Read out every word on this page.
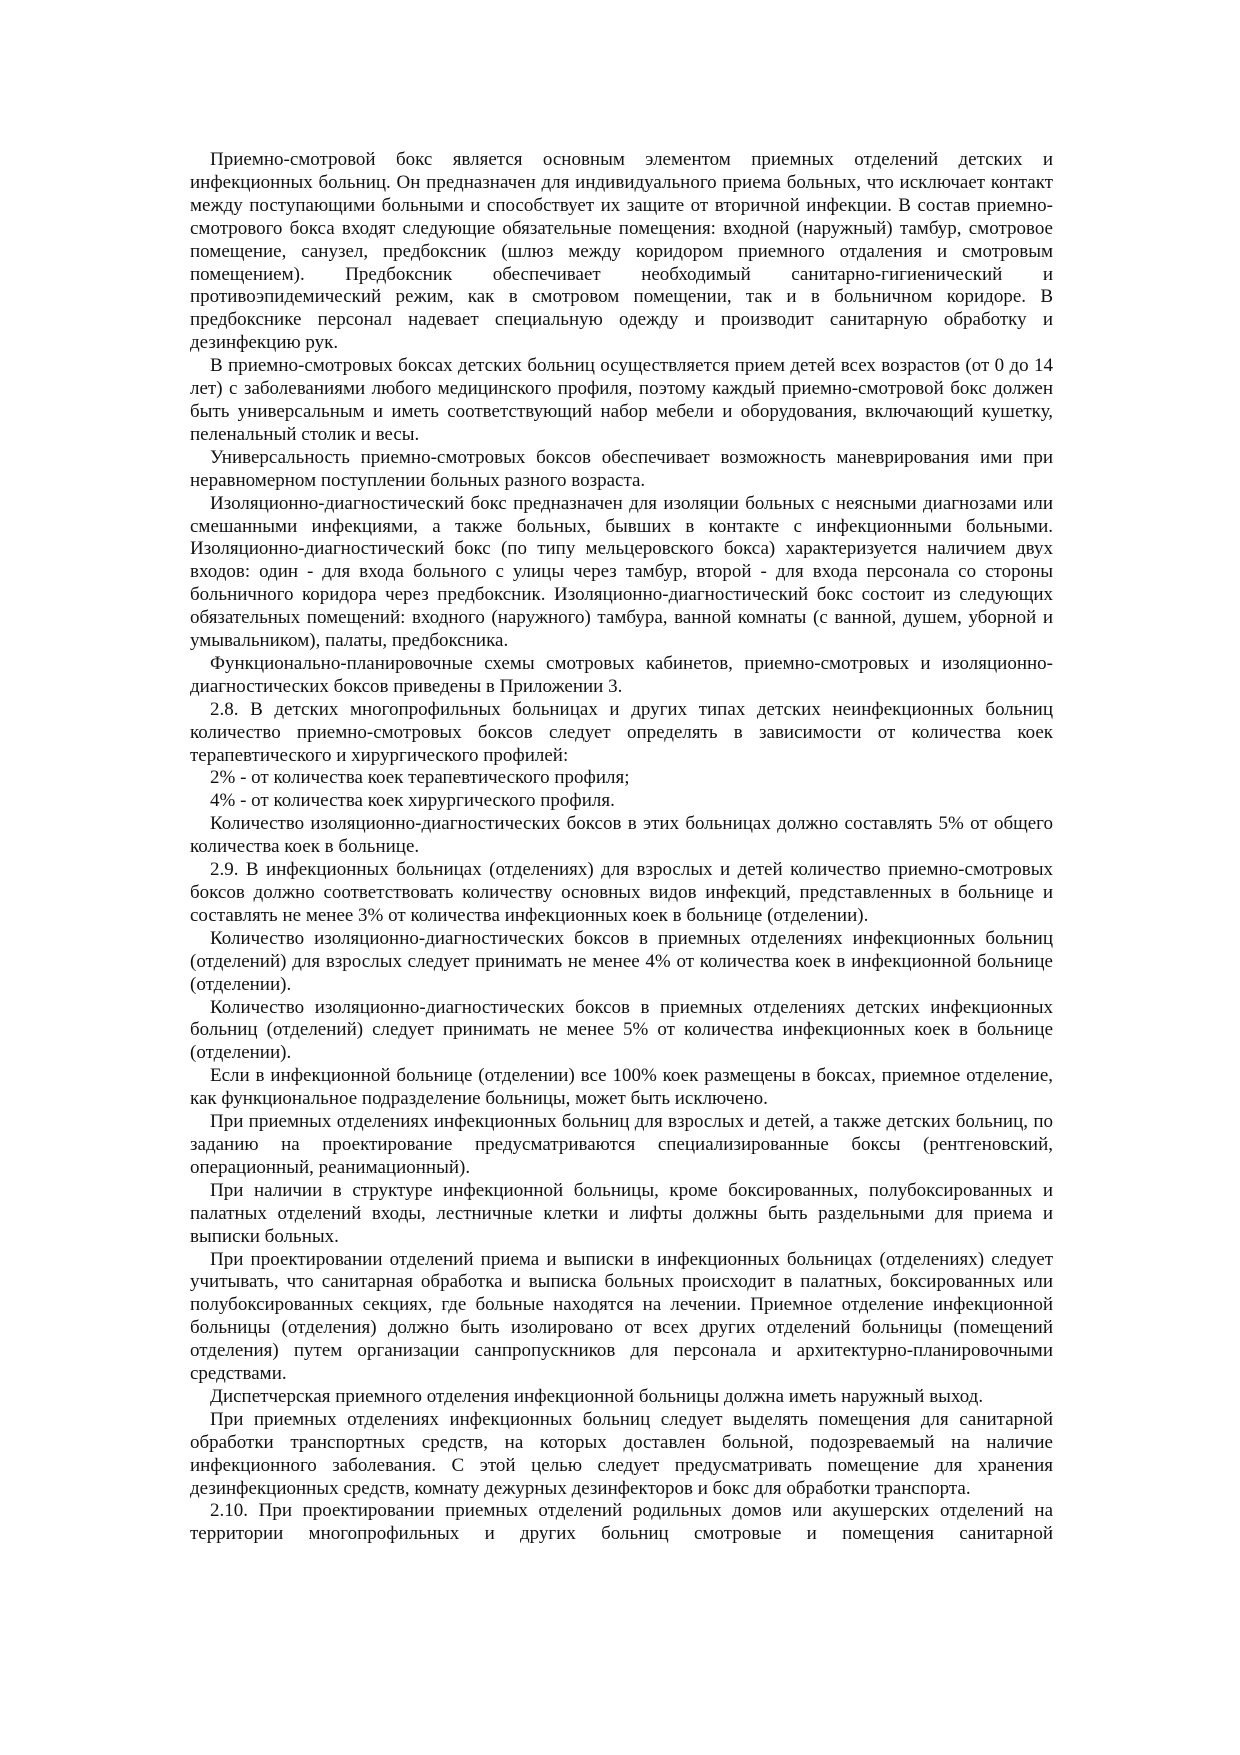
Приемно-смотровой бокс является основным элементом приемных отделений детских и инфекционных больниц. Он предназначен для индивидуального приема больных, что исключает контакт между поступающими больными и способствует их защите от вторичной инфекции. В состав приемно-смотрового бокса входят следующие обязательные помещения: входной (наружный) тамбур, смотровое помещение, санузел, предбоксник (шлюз между коридором приемного отдаления и смотровым помещением). Предбоксник обеспечивает необходимый санитарно-гигиенический и противоэпидемический режим, как в смотровом помещении, так и в больничном коридоре. В предбокснике персонал надевает специальную одежду и производит санитарную обработку и дезинфекцию рук.

В приемно-смотровых боксах детских больниц осуществляется прием детей всех возрастов (от 0 до 14 лет) с заболеваниями любого медицинского профиля, поэтому каждый приемно-смотровой бокс должен быть универсальным и иметь соответствующий набор мебели и оборудования, включающий кушетку, пеленальный столик и весы.

Универсальность приемно-смотровых боксов обеспечивает возможность маневрирования ими при неравномерном поступлении больных разного возраста.

Изоляционно-диагностический бокс предназначен для изоляции больных с неясными диагнозами или смешанными инфекциями, а также больных, бывших в контакте с инфекционными больными. Изоляционно-диагностический бокс (по типу мельцеровского бокса) характеризуется наличием двух входов: один - для входа больного с улицы через тамбур, второй - для входа персонала со стороны больничного коридора через предбоксник. Изоляционно-диагностический бокс состоит из следующих обязательных помещений: входного (наружного) тамбура, ванной комнаты (с ванной, душем, уборной и умывальником), палаты, предбоксника.

Функционально-планировочные схемы смотровых кабинетов, приемно-смотровых и изоляционно-диагностических боксов приведены в Приложении 3.

2.8. В детских многопрофильных больницах и других типах детских неинфекционных больниц количество приемно-смотровых боксов следует определять в зависимости от количества коек терапевтического и хирургического профилей:

2% - от количества коек терапевтического профиля;

4% - от количества коек хирургического профиля.

Количество изоляционно-диагностических боксов в этих больницах должно составлять 5% от общего количества коек в больнице.

2.9. В инфекционных больницах (отделениях) для взрослых и детей количество приемно-смотровых боксов должно соответствовать количеству основных видов инфекций, представленных в больнице и составлять не менее 3% от количества инфекционных коек в больнице (отделении).

Количество изоляционно-диагностических боксов в приемных отделениях инфекционных больниц (отделений) для взрослых следует принимать не менее 4% от количества коек в инфекционной больнице (отделении).

Количество изоляционно-диагностических боксов в приемных отделениях детских инфекционных больниц (отделений) следует принимать не менее 5% от количества инфекционных коек в больнице (отделении).

Если в инфекционной больнице (отделении) все 100% коек размещены в боксах, приемное отделение, как функциональное подразделение больницы, может быть исключено.

При приемных отделениях инфекционных больниц для взрослых и детей, а также детских больниц, по заданию на проектирование предусматриваются специализированные боксы (рентгеновский, операционный, реанимационный).

При наличии в структуре инфекционной больницы, кроме боксированных, полубоксированных и палатных отделений входы, лестничные клетки и лифты должны быть раздельными для приема и выписки больных.

При проектировании отделений приема и выписки в инфекционных больницах (отделениях) следует учитывать, что санитарная обработка и выписка больных происходит в палатных, боксированных или полубоксированных секциях, где больные находятся на лечении. Приемное отделение инфекционной больницы (отделения) должно быть изолировано от всех других отделений больницы (помещений отделения) путем организации санпропускников для персонала и архитектурно-планировочными средствами.

Диспетчерская приемного отделения инфекционной больницы должна иметь наружный выход.

При приемных отделениях инфекционных больниц следует выделять помещения для санитарной обработки транспортных средств, на которых доставлен больной, подозреваемый на наличие инфекционного заболевания. С этой целью следует предусматривать помещение для хранения дезинфекционных средств, комнату дежурных дезинфекторов и бокс для обработки транспорта.

2.10. При проектировании приемных отделений родильных домов или акушерских отделений на территории многопрофильных и других больниц смотровые и помещения санитарной
